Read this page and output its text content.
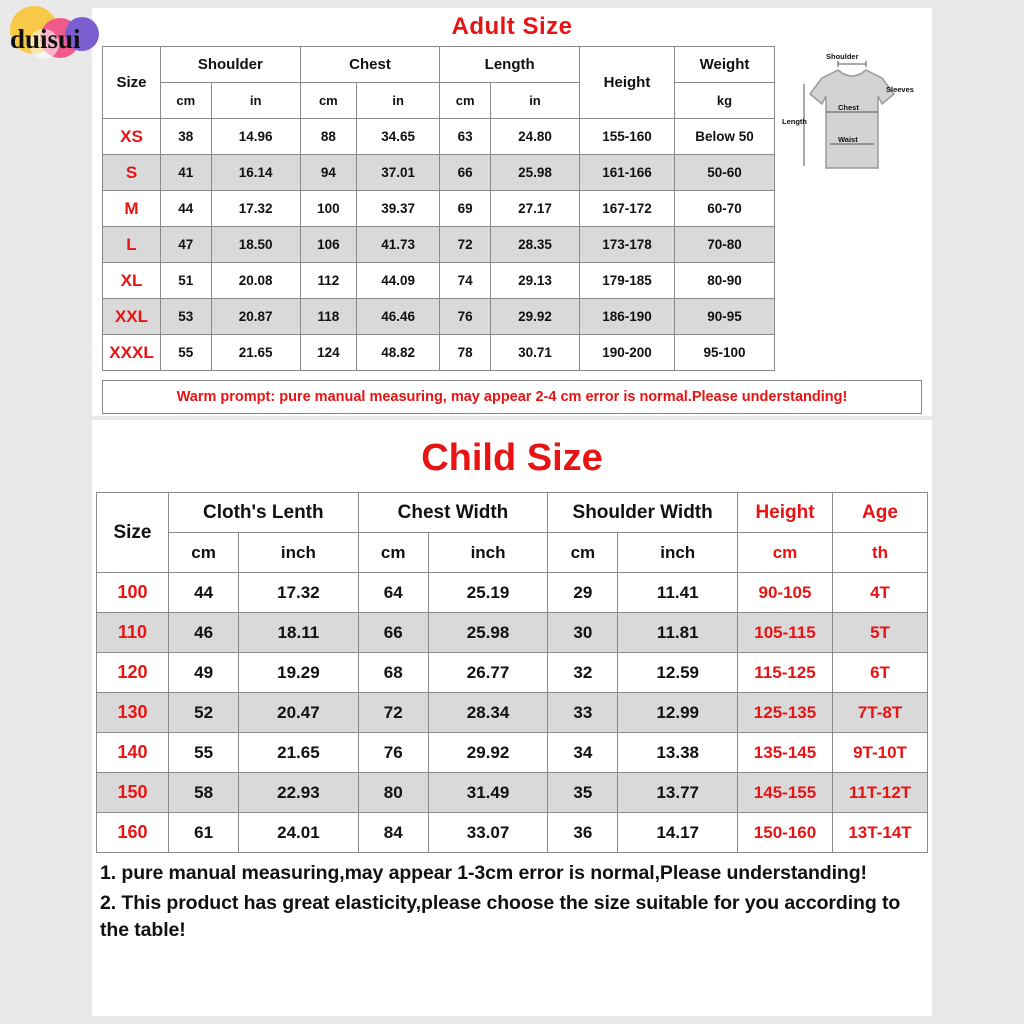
duisui	Adult Size
Size	Shoulder		Chest		Length		Height	Weight
	cm	in	cm	in	cm	in		kg
XS	38	14.96	88	34.65	63	24.80	155-160	Below 50
S	41	16.14	94	37.01	66	25.98	161-166	50-60
M	44	17.32	100	39.37	69	27.17	167-172	60-70
L	47	18.50	106	41.73	72	28.35	173-178	70-80
XL	51	20.08	112	44.09	74	29.13	179-185	80-90
XXL	53	20.87	118	46.46	76	29.92	186-190	90-95
XXXL	55	21.65	124	48.82	78	30.71	190-200	95-100
Shoulder
Sleeves
Chest
Length
Waist
Warm prompt: pure manual measuring, may appear 2-4 cm error is normal.Please understanding!
Child Size
Size	Cloth's Lenth		Chest Width		Shoulder Width		Height	Age
	cm	inch	cm	inch	cm	inch	cm	th
100	44	17.32	64	25.19	29	11.41	90-105	4T
110	46	18.11	66	25.98	30	11.81	105-115	5T
120	49	19.29	68	26.77	32	12.59	115-125	6T
130	52	20.47	72	28.34	33	12.99	125-135	7T-8T
140	55	21.65	76	29.92	34	13.38	135-145	9T-10T
150	58	22.93	80	31.49	35	13.77	145-155	11T-12T
160	61	24.01	84	33.07	36	14.17	150-160	13T-14T

1. pure manual measuring,may appear 1-3cm error is normal,Please understanding!

2. This product has great elasticity,please choose the size suitable for you according to the table!
